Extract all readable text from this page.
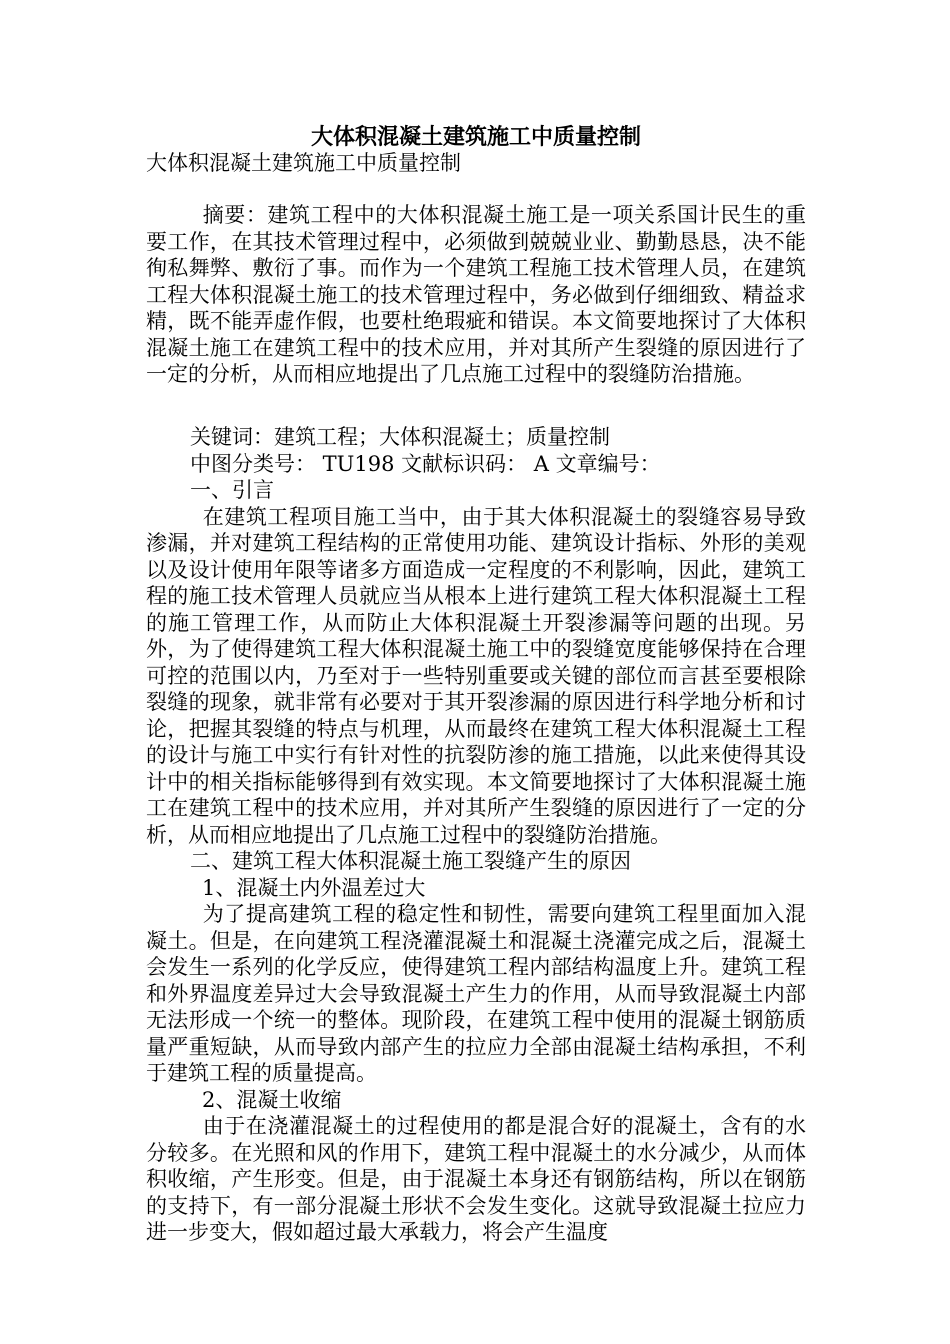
大体积混凝土建筑施工中质量控制

大体积混凝土建筑施工中质量控制

摘要：建筑工程中的大体积混凝土施工是一项关系国计民生的重要工作，在其技术管理过程中，必须做到兢兢业业、勤勤恳恳，决不能徇私舞弊、敷衍了事。而作为一个建筑工程施工技术管理人员，在建筑工程大体积混凝土施工的技术管理过程中，务必做到仔细细致、精益求精，既不能弄虚作假，也要杜绝瑕疵和错误。本文简要地探讨了大体积混凝土施工在建筑工程中的技术应用，并对其所产生裂缝的原因进行了一定的分析，从而相应地提出了几点施工过程中的裂缝防治措施。

关键词：建筑工程；大体积混凝土；质量控制

中图分类号： TU198 文献标识码： A 文章编号：

一、引言

在建筑工程项目施工当中，由于其大体积混凝土的裂缝容易导致渗漏，并对建筑工程结构的正常使用功能、建筑设计指标、外形的美观以及设计使用年限等诸多方面造成一定程度的不利影响，因此，建筑工程的施工技术管理人员就应当从根本上进行建筑工程大体积混凝土工程的施工管理工作，从而防止大体积混凝土开裂渗漏等问题的出现。另外，为了使得建筑工程大体积混凝土施工中的裂缝宽度能够保持在合理可控的范围以内，乃至对于一些特别重要或关键的部位而言甚至要根除裂缝的现象，就非常有必要对于其开裂渗漏的原因进行科学地分析和讨论，把握其裂缝的特点与机理，从而最终在建筑工程大体积混凝土工程的设计与施工中实行有针对性的抗裂防渗的施工措施，以此来使得其设计中的相关指标能够得到有效实现。本文简要地探讨了大体积混凝土施工在建筑工程中的技术应用，并对其所产生裂缝的原因进行了一定的分析，从而相应地提出了几点施工过程中的裂缝防治措施。

二、建筑工程大体积混凝土施工裂缝产生的原因

1、混凝土内外温差过大

为了提高建筑工程的稳定性和韧性，需要向建筑工程里面加入混凝土。但是，在向建筑工程浇灌混凝土和混凝土浇灌完成之后，混凝土会发生一系列的化学反应，使得建筑工程内部结构温度上升。建筑工程和外界温度差异过大会导致混凝土产生力的作用，从而导致混凝土内部无法形成一个统一的整体。现阶段，在建筑工程中使用的混凝土钢筋质量严重短缺，从而导致内部产生的拉应力全部由混凝土结构承担，不利于建筑工程的质量提高。

2、混凝土收缩

由于在浇灌混凝土的过程使用的都是混合好的混凝土，含有的水分较多。在光照和风的作用下，建筑工程中混凝土的水分减少，从而体积收缩，产生形变。但是，由于混凝土本身还有钢筋结构，所以在钢筋的支持下，有一部分混凝土形状不会发生变化。这就导致混凝土拉应力进一步变大，假如超过最大承载力，将会产生温度
